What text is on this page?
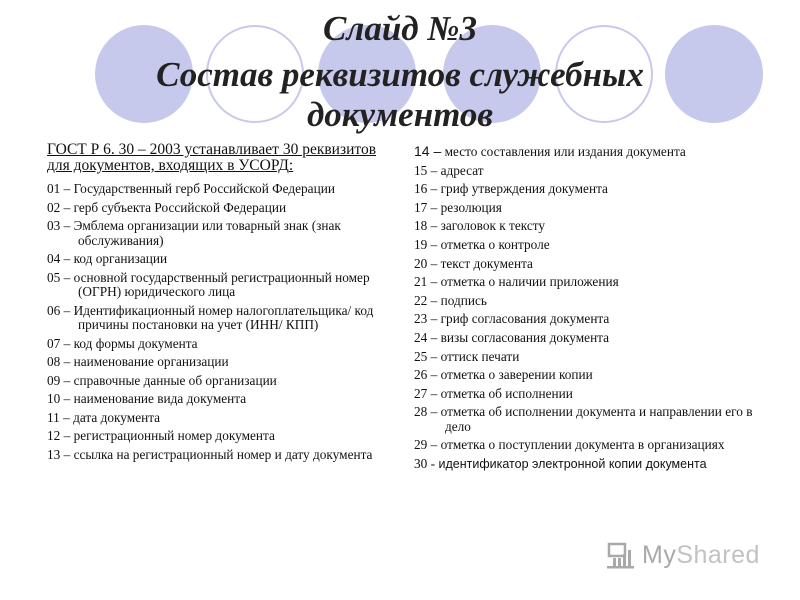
Слайд №3
Состав реквизитов служебных
документов

ГОСТ Р 6. 30 – 2003 устанавливает 30 реквизитов для документов, входящих в УСОРД:

01 – Государственный герб Российской Федерации
02 – герб субъекта Российской Федерации
03 – Эмблема организации или товарный знак (знак обслуживания)
04 – код организации
05 – основной государственный регистрационный номер (ОГРН) юридического лица
06 – Идентификационный номер налогоплательщика/ код причины постановки на учет (ИНН/ КПП)
07 – код формы документа
08 – наименование организации
09 – справочные данные об организации
10 – наименование вида документа
11 – дата документа
12 – регистрационный номер документа
13 – ссылка на регистрационный номер и дату документа
14 – место составления или издания документа
15 – адресат
16 – гриф утверждения документа
17 – резолюция
18 – заголовок к тексту
19 – отметка о контроле
20 – текст документа
21 – отметка о наличии приложения
22 – подпись
23 – гриф согласования документа
24 – визы согласования документа
25 – оттиск печати
26 – отметка о заверении копии
27 – отметка об исполнении
28 – отметка об исполнении документа и направлении его в дело
29 – отметка о поступлении документа в организациях
30 - идентификатор электронной копии документа
MyShared
